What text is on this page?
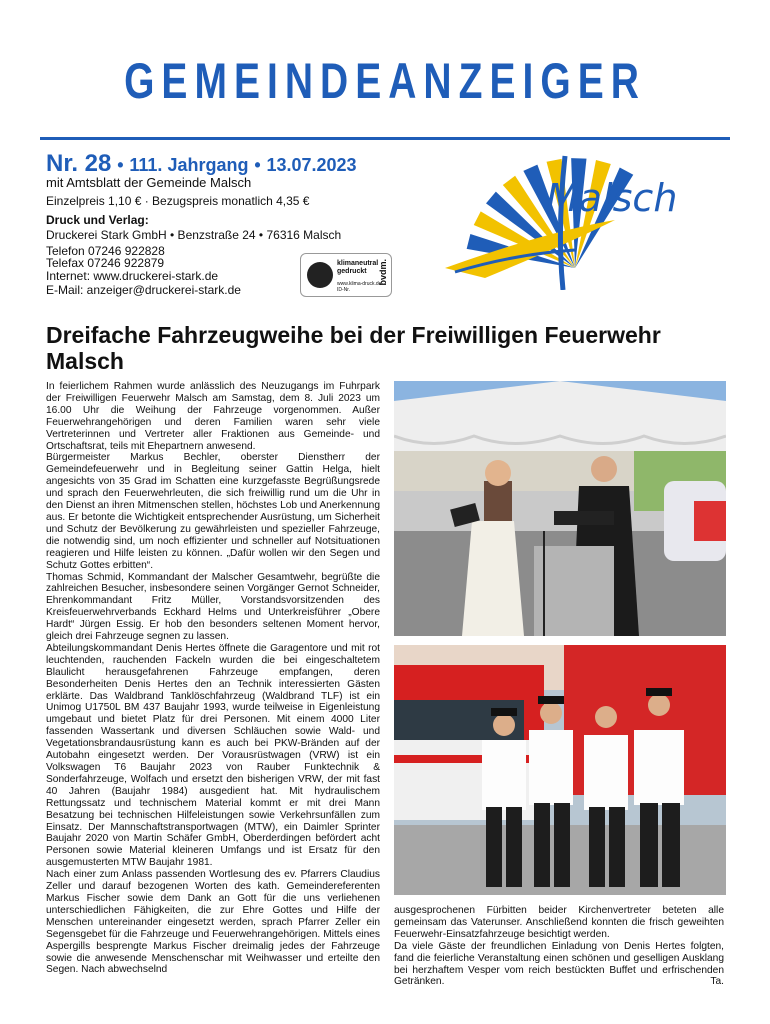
GEMEINDEANZEIGER
Nr. 28 • 111. Jahrgang • 13.07.2023
mit Amtsblatt der Gemeinde Malsch
Einzelpreis 1,10 € · Bezugspreis monatlich 4,35 €
Druck und Verlag:
Druckerei Stark GmbH • Benzstraße 24 • 76316 Malsch
Telefon 07246 922828
Telefax 07246 922879
Internet: www.druckerei-stark.de
E-Mail: anzeiger@druckerei-stark.de
klimaneutral
gedruckt
www.klima-druck.de
ID-Nr.
bvdm.
Malsch
Dreifache Fahrzeugweihe bei der Freiwilligen Feuerwehr Malsch

In feierlichem Rahmen wurde anlässlich des Neuzugangs im Fuhrpark der Freiwilligen Feuerwehr Malsch am Samstag, dem 8. Juli 2023 um 16.00 Uhr die Weihung der Fahrzeuge vorgenommen. Außer Feuerwehrangehörigen und deren Familien waren sehr viele Vertreterinnen und Vertreter aller Fraktionen aus Gemeinde- und Ortschaftsrat, teils mit Ehepartnern anwesend.

Bürgermeister Markus Bechler, oberster Dienstherr der Gemeindefeuerwehr und in Begleitung seiner Gattin Helga, hielt angesichts von 35 Grad im Schatten eine kurzgefasste Begrüßungsrede und sprach den Feuerwehrleuten, die sich freiwillig rund um die Uhr in den Dienst an ihren Mitmenschen stellen, höchstes Lob und Anerkennung aus. Er betonte die Wichtigkeit entsprechender Ausrüstung, um Sicherheit und Schutz der Bevölkerung zu gewährleisten und spezieller Fahrzeuge, die notwendig sind, um noch effizienter und schneller auf Notsituationen reagieren und Hilfe leisten zu können. „Dafür wollen wir den Segen und Schutz Gottes erbitten“.

Thomas Schmid, Kommandant der Malscher Gesamtwehr, begrüßte die zahlreichen Besucher, insbesondere seinen Vorgänger Gernot Schneider, Ehrenkommandant Fritz Müller, Vorstandsvorsitzenden des Kreisfeuerwehrverbands Eckhard Helms und Unterkreisführer „Obere Hardt“ Jürgen Essig. Er hob den besonders seltenen Moment hervor, gleich drei Fahrzeuge segnen zu lassen.

Abteilungskommandant Denis Hertes öffnete die Garagentore und mit rot leuchtenden, rauchenden Fackeln wurden die bei eingeschaltetem Blaulicht herausgefahrenen Fahrzeuge empfangen, deren Besonderheiten Denis Hertes den an Technik interessierten Gästen erklärte. Das Waldbrand Tanklöschfahrzeug (Waldbrand TLF) ist ein Unimog U1750L BM 437 Baujahr 1993, wurde teilweise in Eigenleistung umgebaut und bietet Platz für drei Personen. Mit einem 4000 Liter fassenden Wassertank und diversen Schläuchen sowie Wald- und Vegetationsbrandausrüstung kann es auch bei PKW-Bränden auf der Autobahn eingesetzt werden. Der Vorausrüstwagen (VRW) ist ein Volkswagen T6 Baujahr 2023 von Rauber Funktechnik & Sonderfahrzeuge, Wolfach und ersetzt den bisherigen VRW, der mit fast 40 Jahren (Baujahr 1984) ausgedient hat. Mit hydraulischem Rettungssatz und technischem Material kommt er mit drei Mann Besatzung bei technischen Hilfeleistungen sowie Verkehrsunfällen zum Einsatz. Der Mannschaftstransportwagen (MTW), ein Daimler Sprinter Baujahr 2020 von Martin Schäfer GmbH, Oberderdingen befördert acht Personen sowie Material kleineren Umfangs und ist Ersatz für den ausgemusterten MTW Baujahr 1981.

Nach einer zum Anlass passenden Wortlesung des ev. Pfarrers Claudius Zeller und darauf bezogenen Worten des kath. Gemeindereferenten Markus Fischer sowie dem Dank an Gott für die uns verliehenen unterschiedlichen Fähigkeiten, die zur Ehre Gottes und Hilfe der Menschen untereinander eingesetzt werden, sprach Pfarrer Zeller ein Segensgebet für die Fahrzeuge und Feuerwehrangehörigen. Mittels eines Aspergills besprengte Markus Fischer dreimalig jedes der Fahrzeuge sowie die anwesende Menschenschar mit Weihwasser und erteilte den Segen. Nach abwechselnd

ausgesprochenen Fürbitten beider Kirchenvertreter beteten alle gemeinsam das Vaterunser. Anschließend konnten die frisch geweihten Feuerwehr-Einsatzfahrzeuge besichtigt werden.

Da viele Gäste der freundlichen Einladung von Denis Hertes folgten, fand die feierliche Veranstaltung einen schönen und geselligen Ausklang bei herzhaftem Vesper vom reich bestückten Buffet und erfrischenden Getränken.	Ta.
